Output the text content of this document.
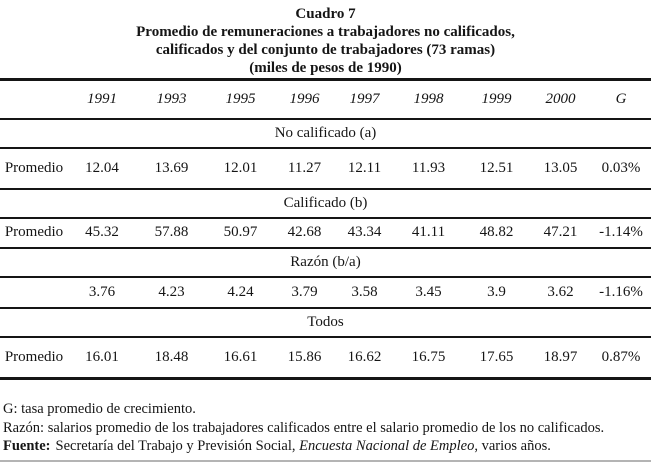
Cuadro 7
Promedio de remuneraciones a trabajadores no calificados,
calificados y del conjunto de trabajadores (73 ramas)
(miles de pesos de 1990)
	1991	1993	1995	1996	1997	1998	1999	2000	G
No calificado (a)									
Promedio	12.04	13.69	12.01	11.27	12.11	11.93	12.51	13.05	0.03%
Calificado (b)									
Promedio	45.32	57.88	50.97	42.68	43.34	41.11	48.82	47.21	-1.14%
Razón (b/a)									
	3.76	4.23	4.24	3.79	3.58	3.45	3.9	3.62	-1.16%
Todos									
Promedio	16.01	18.48	16.61	15.86	16.62	16.75	17.65	18.97	0.87%
G: tasa promedio de crecimiento.
Razón: salarios promedio de los trabajadores calificados entre el salario promedio de los no calificados.
Fuente: Secretaría del Trabajo y Previsión Social, Encuesta Nacional de Empleo, varios años.
